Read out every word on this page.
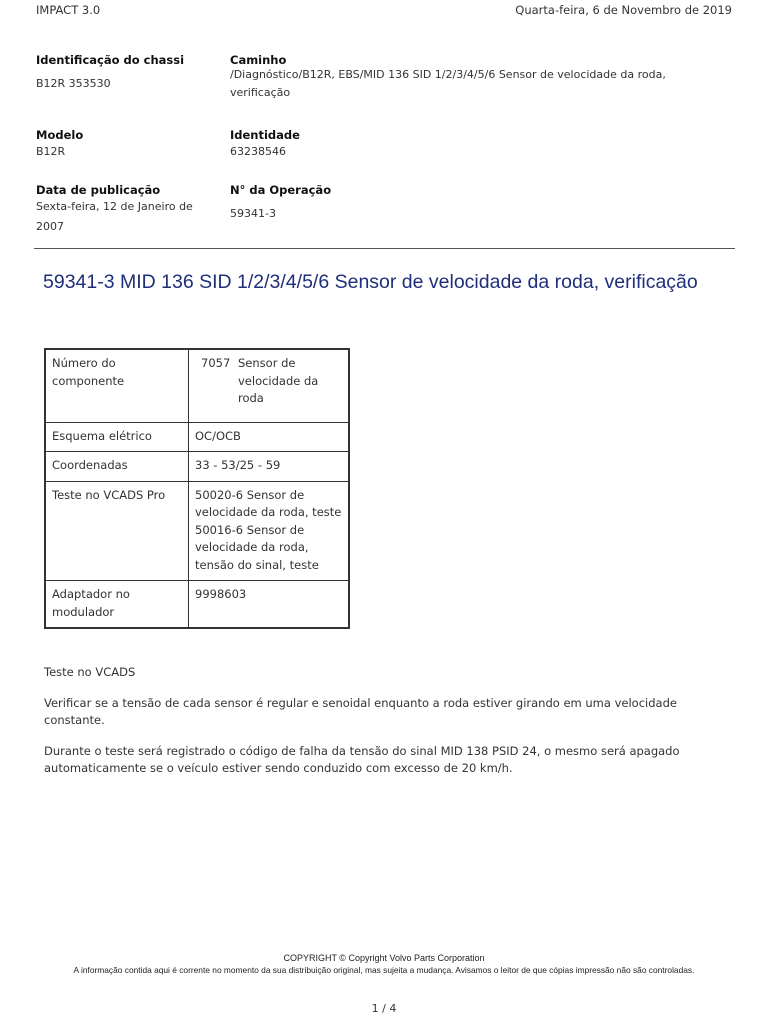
IMPACT 3.0	Quarta-feira, 6 de Novembro de 2019
Identificação do chassi
B12R 353530
Caminho
/Diagnóstico/B12R, EBS/MID 136 SID 1/2/3/4/5/6 Sensor de velocidade da roda, verificação
Modelo
B12R
Identidade
63238546
Data de publicação
Sexta-feira, 12 de Janeiro de 2007
N° da Operação
59341-3
59341-3 MID 136 SID 1/2/3/4/5/6 Sensor de velocidade da roda, verificação
Número do componente	7057 Sensor de velocidade da roda
Esquema elétrico	OC/OCB
Coordenadas	33 - 53/25 - 59
Teste no VCADS Pro	50020-6 Sensor de velocidade da roda, teste
50016-6 Sensor de velocidade da roda, tensão do sinal, teste

Adaptador no modulador	9998603
Teste no VCADS
Verificar se a tensão de cada sensor é regular e senoidal enquanto a roda estiver girando em uma velocidade constante.
Durante o teste será registrado o código de falha da tensão do sinal MID 138 PSID 24, o mesmo será apagado automaticamente se o veículo estiver sendo conduzido com excesso de 20 km/h.
COPYRIGHT © Copyright Volvo Parts Corporation
A informação contida aqui é corrente no momento da sua distribuição original, mas sujeita a mudança. Avisamos o leitor de que cópias impressão não são controladas.
1 / 4
